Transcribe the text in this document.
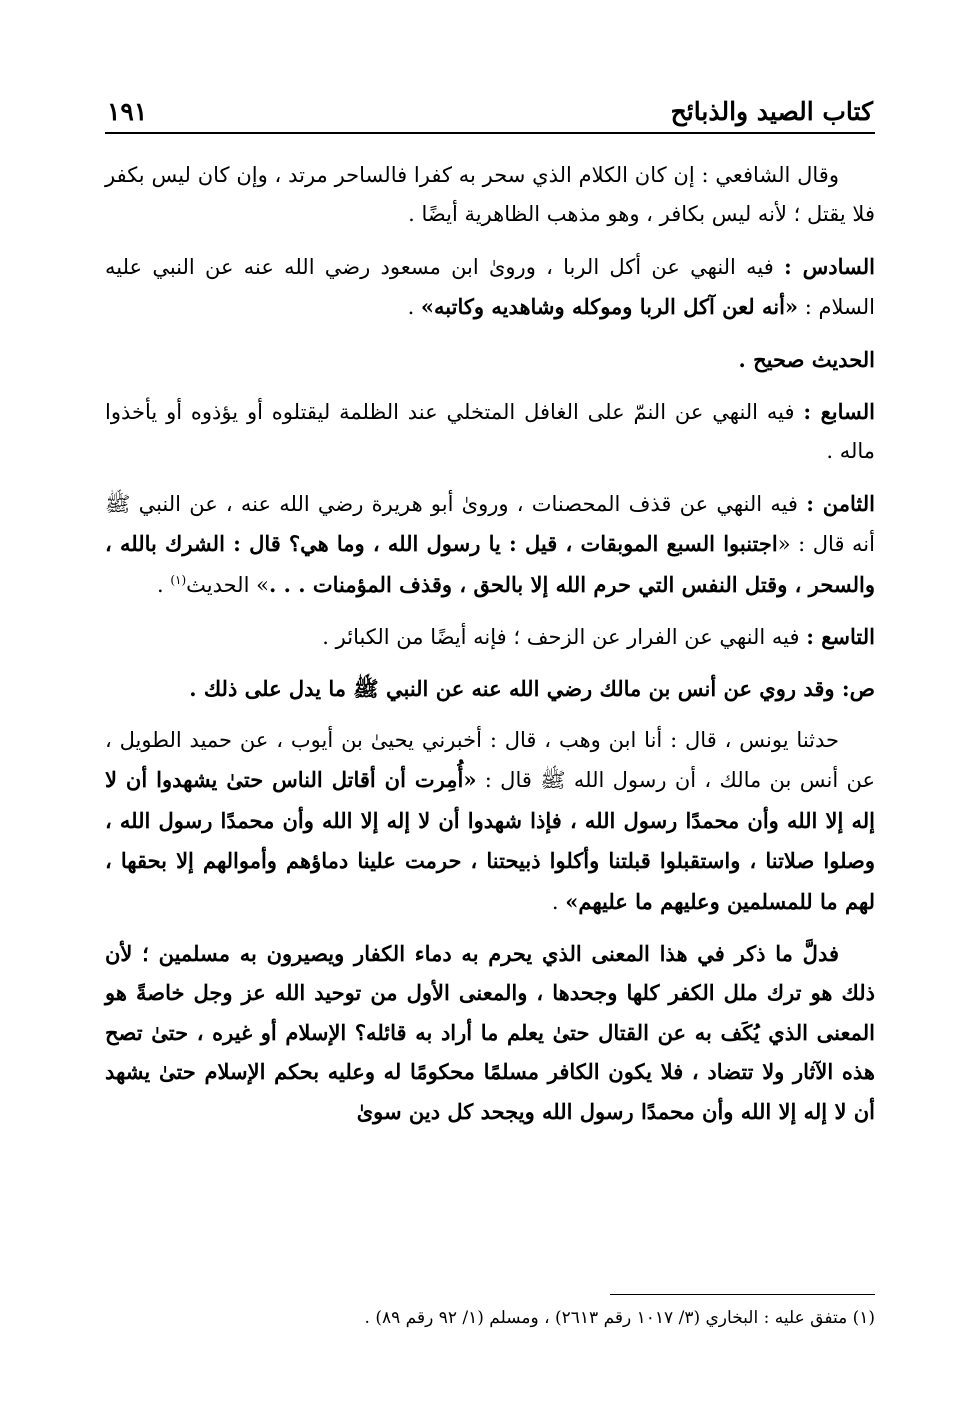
كتاب الصيد والذبائح
١٩١

وقال الشافعي : إن كان الكلام الذي سحر به كفرا فالساحر مرتد ، وإن كان ليس بكفر فلا يقتل ؛ لأنه ليس بكافر ، وهو مذهب الظاهرية أيضًا .

السادس : فيه النهي عن أكل الربا ، وروىٰ ابن مسعود رضي الله عنه عن النبي عليه السلام : «أنه لعن آكل الربا وموكله وشاهديه وكاتبه» .

الحديث صحيح .

السابع : فيه النهي عن النمّ على الغافل المتخلي عند الظلمة ليقتلوه أو يؤذوه أو يأخذوا ماله .

الثامن : فيه النهي عن قذف المحصنات ، وروىٰ أبو هريرة رضي الله عنه ، عن النبي ﷺ أنه قال : «اجتنبوا السبع الموبقات ، قيل : يا رسول الله ، وما هي؟ قال : الشرك بالله ، والسحر ، وقتل النفس التي حرم الله إلا بالحق ، وقذف المؤمنات . . .» الحديث$^{(١)}$ .

التاسع : فيه النهي عن الفرار عن الزحف ؛ فإنه أيضًا من الكبائر .

ص: وقد روي عن أنس بن مالك رضي الله عنه عن النبي ﷺ ما يدل على ذلك .

حدثنا يونس ، قال : أنا ابن وهب ، قال : أخبرني يحيىٰ بن أيوب ، عن حميد الطويل ، عن أنس بن مالك ، أن رسول الله ﷺ قال : «أُمِرت أن أقاتل الناس حتىٰ يشهدوا أن لا إله إلا الله وأن محمدًا رسول الله ، فإذا شهدوا أن لا إله إلا الله وأن محمدًا رسول الله ، وصلوا صلاتنا ، واستقبلوا قبلتنا وأكلوا ذبيحتنا ، حرمت علينا دماؤهم وأموالهم إلا بحقها ، لهم ما للمسلمين وعليهم ما عليهم» .

فدلَّ ما ذكر في هذا المعنى الذي يحرم به دماء الكفار ويصيرون به مسلمين ؛ لأن ذلك هو ترك ملل الكفر كلها وجحدها ، والمعنى الأول من توحيد الله عز وجل خاصةً هو المعنى الذي يُكَف به عن القتال حتىٰ يعلم ما أراد به قائله؟ الإسلام أو غيره ، حتىٰ تصح هذه الآثار ولا تتضاد ، فلا يكون الكافر مسلمًا محكومًا له وعليه بحكم الإسلام حتىٰ يشهد أن لا إله إلا الله وأن محمدًا رسول الله ويجحد كل دين سوىٰ

(١) متفق عليه : البخاري (٣/ ١٠١٧ رقم ٢٦١٣) ، ومسلم (١/ ٩٢ رقم ٨٩) .
